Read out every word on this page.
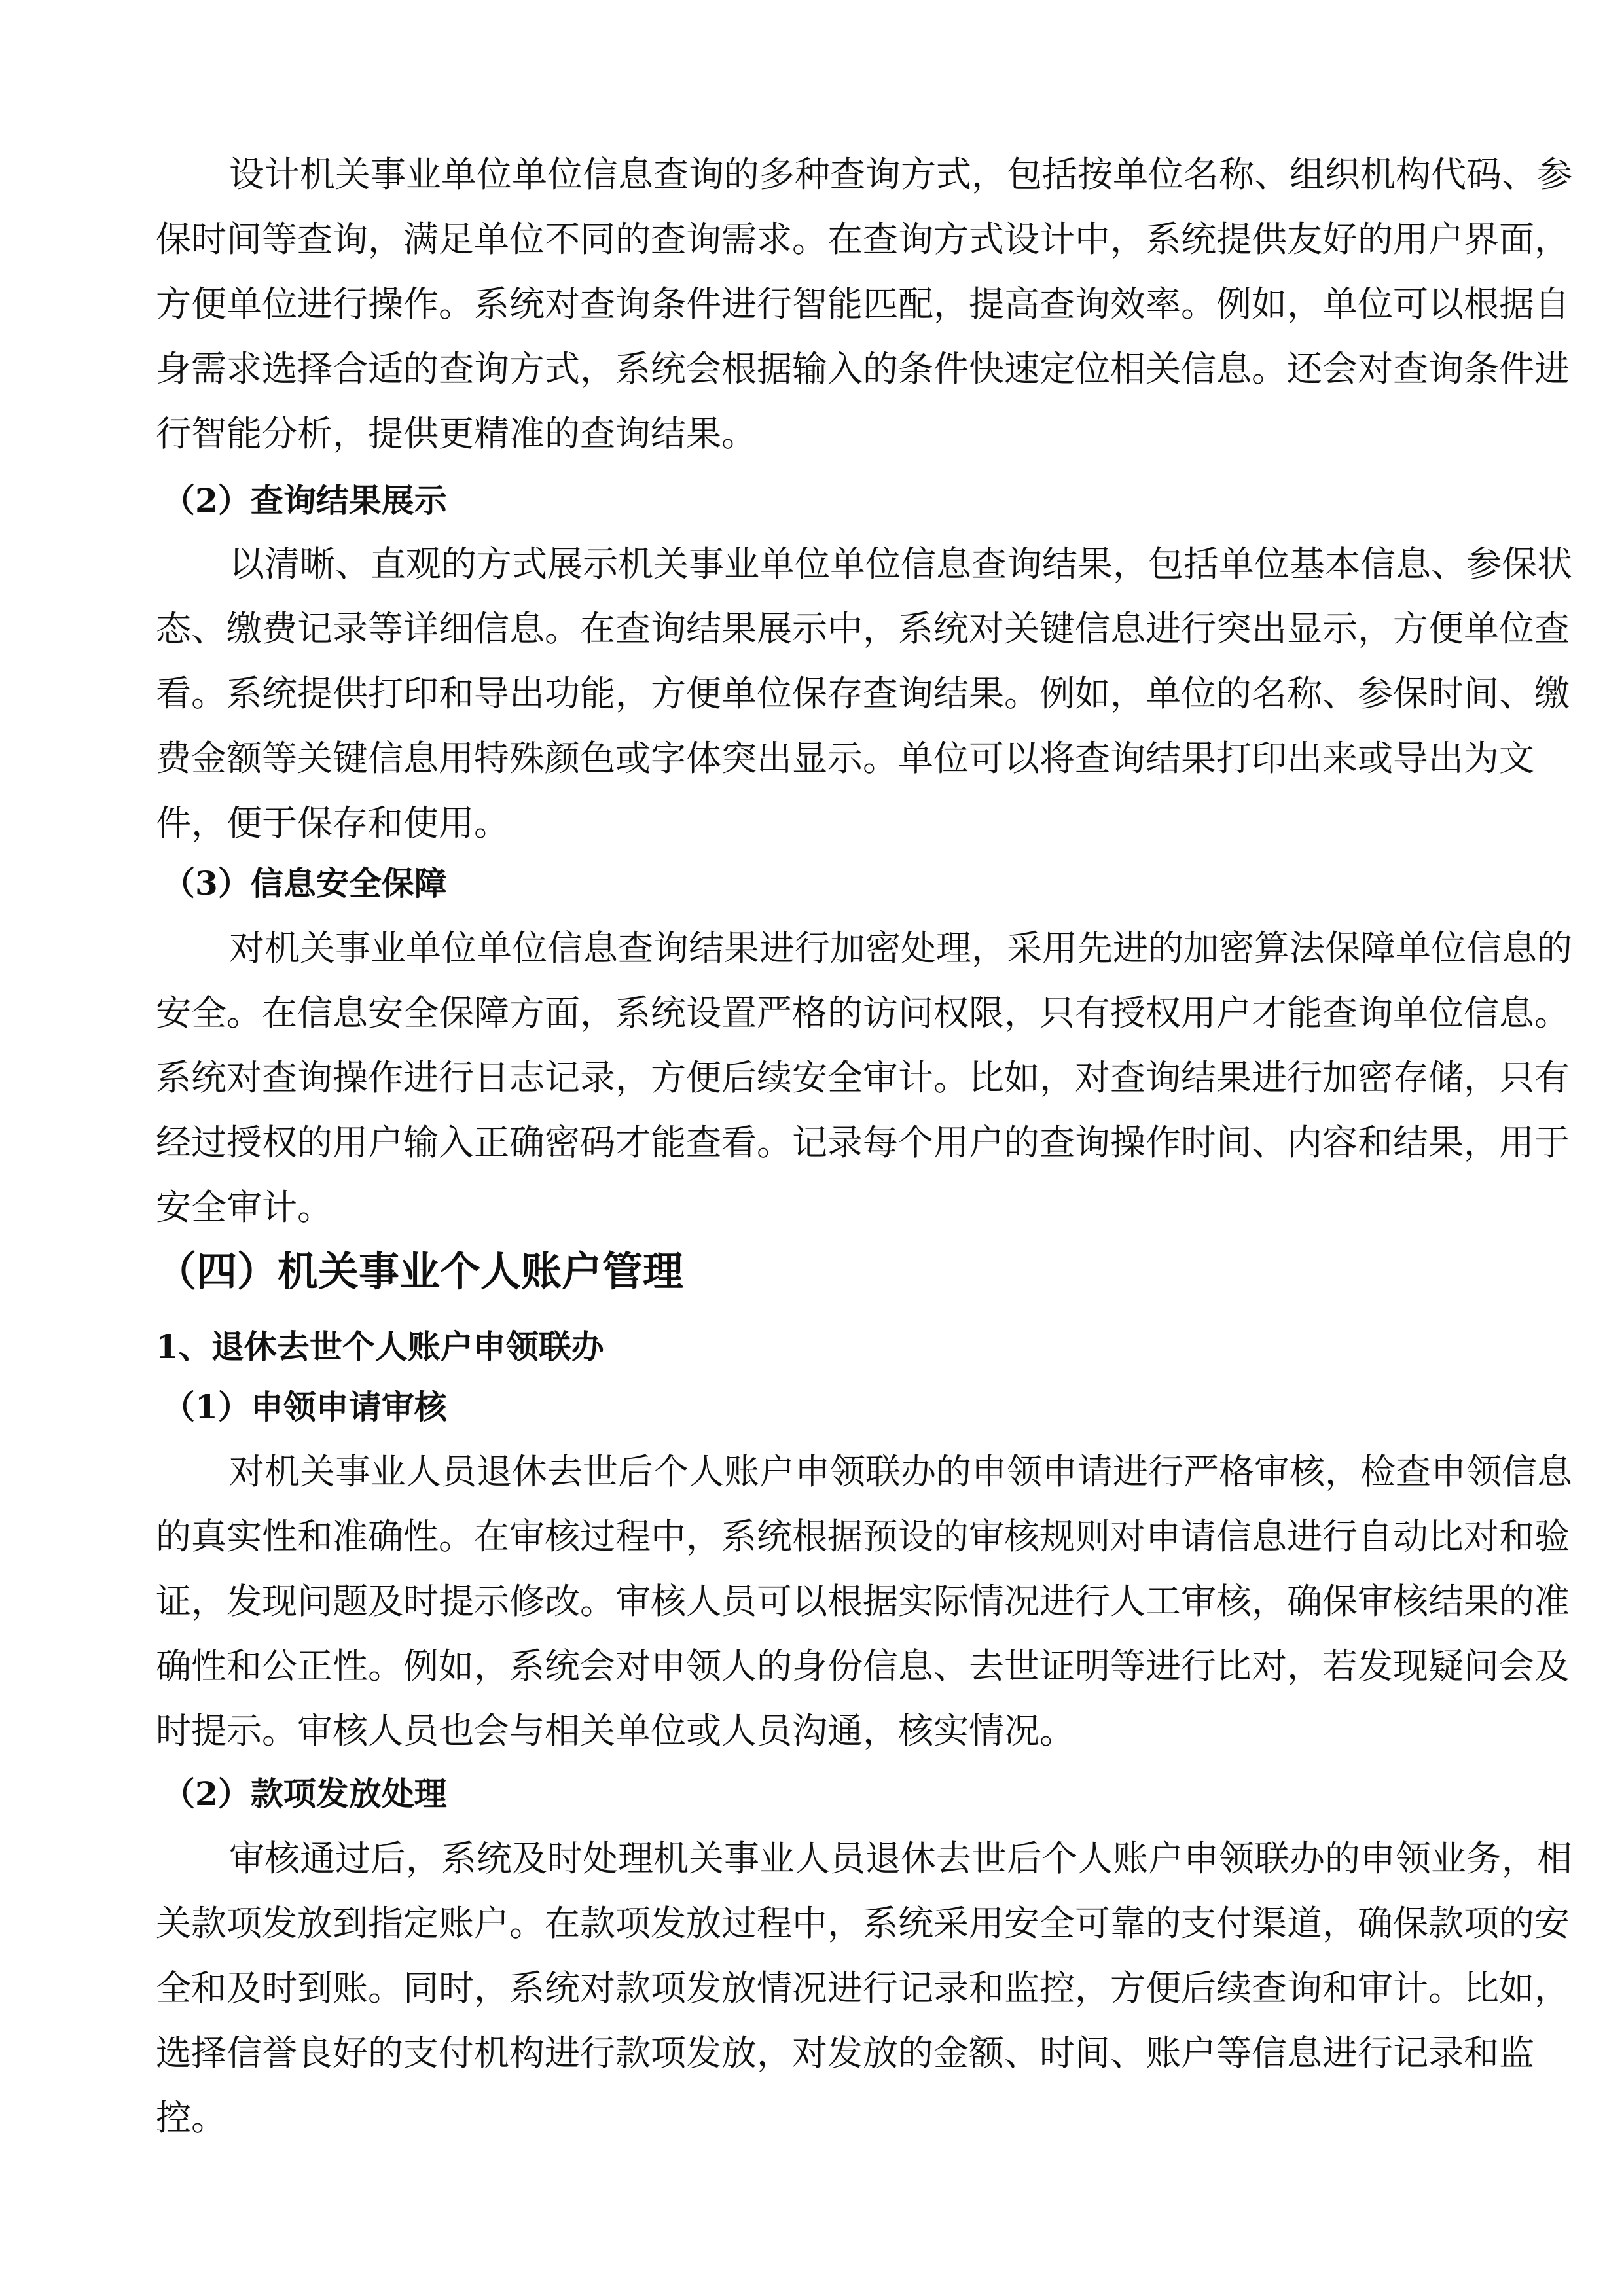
设计机关事业单位单位信息查询的多种查询方式，包括按单位名称、组织机构代码、参
保时间等查询，满足单位不同的查询需求。在查询方式设计中，系统提供友好的用户界面，
方便单位进行操作。系统对查询条件进行智能匹配，提高查询效率。例如，单位可以根据自
身需求选择合适的查询方式，系统会根据输入的条件快速定位相关信息。还会对查询条件进
行智能分析，提供更精准的查询结果。
（2）查询结果展示
以清晰、直观的方式展示机关事业单位单位信息查询结果，包括单位基本信息、参保状
态、缴费记录等详细信息。在查询结果展示中，系统对关键信息进行突出显示，方便单位查
看。系统提供打印和导出功能，方便单位保存查询结果。例如，单位的名称、参保时间、缴
费金额等关键信息用特殊颜色或字体突出显示。单位可以将查询结果打印出来或导出为文
件，便于保存和使用。
（3）信息安全保障
对机关事业单位单位信息查询结果进行加密处理，采用先进的加密算法保障单位信息的
安全。在信息安全保障方面，系统设置严格的访问权限，只有授权用户才能查询单位信息。
系统对查询操作进行日志记录，方便后续安全审计。比如，对查询结果进行加密存储，只有
经过授权的用户输入正确密码才能查看。记录每个用户的查询操作时间、内容和结果，用于
安全审计。
（四）机关事业个人账户管理
1、退休去世个人账户申领联办
（1）申领申请审核
对机关事业人员退休去世后个人账户申领联办的申领申请进行严格审核，检查申领信息
的真实性和准确性。在审核过程中，系统根据预设的审核规则对申请信息进行自动比对和验
证，发现问题及时提示修改。审核人员可以根据实际情况进行人工审核，确保审核结果的准
确性和公正性。例如，系统会对申领人的身份信息、去世证明等进行比对，若发现疑问会及
时提示。审核人员也会与相关单位或人员沟通，核实情况。
（2）款项发放处理
审核通过后，系统及时处理机关事业人员退休去世后个人账户申领联办的申领业务，相
关款项发放到指定账户。在款项发放过程中，系统采用安全可靠的支付渠道，确保款项的安
全和及时到账。同时，系统对款项发放情况进行记录和监控，方便后续查询和审计。比如，
选择信誉良好的支付机构进行款项发放，对发放的金额、时间、账户等信息进行记录和监
控。
